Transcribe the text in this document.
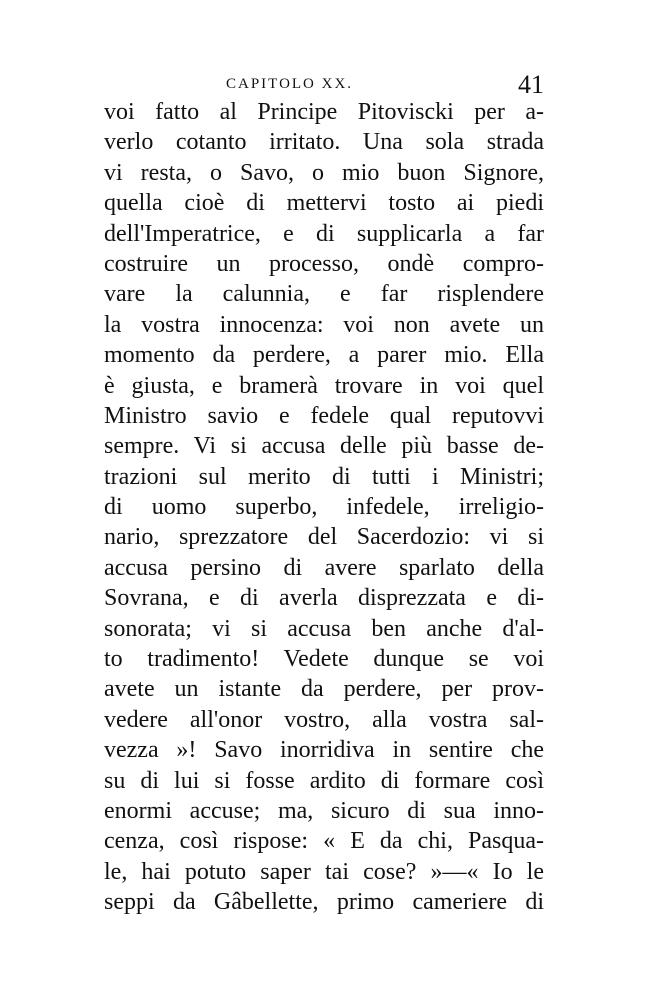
CAPITOLO XX.	41
voi fatto al Principe Pitoviscki per a-
verlo cotanto irritato. Una sola strada
vi resta, o Savo, o mio buon Signore,
quella cioè di mettervi tosto ai piedi
dell'Imperatrice, e di supplicarla a far
costruire un processo, ondè compro-
vare la calunnia, e far risplendere
la vostra innocenza: voi non avete un
momento da perdere, a parer mio. Ella
è giusta, e bramerà trovare in voi quel
Ministro savio e fedele qual reputovvi
sempre. Vi si accusa delle più basse de-
trazioni sul merito di tutti i Ministri;
di uomo superbo, infedele, irreligio-
nario, sprezzatore del Sacerdozio: vi si
accusa persino di avere sparlato della
Sovrana, e di averla disprezzata e di-
sonorata; vi si accusa ben anche d'al-
to tradimento! Vedete dunque se voi
avete un istante da perdere, per prov-
vedere all'onor vostro, alla vostra sal-
vezza »! Savo inorridiva in sentire che
su di lui si fosse ardito di formare così
enormi accuse; ma, sicuro di sua inno-
cenza, così rispose: « E da chi, Pasqua-
le, hai potuto saper tai cose? »—« Io le
seppi da Gâbellette, primo cameriere di
